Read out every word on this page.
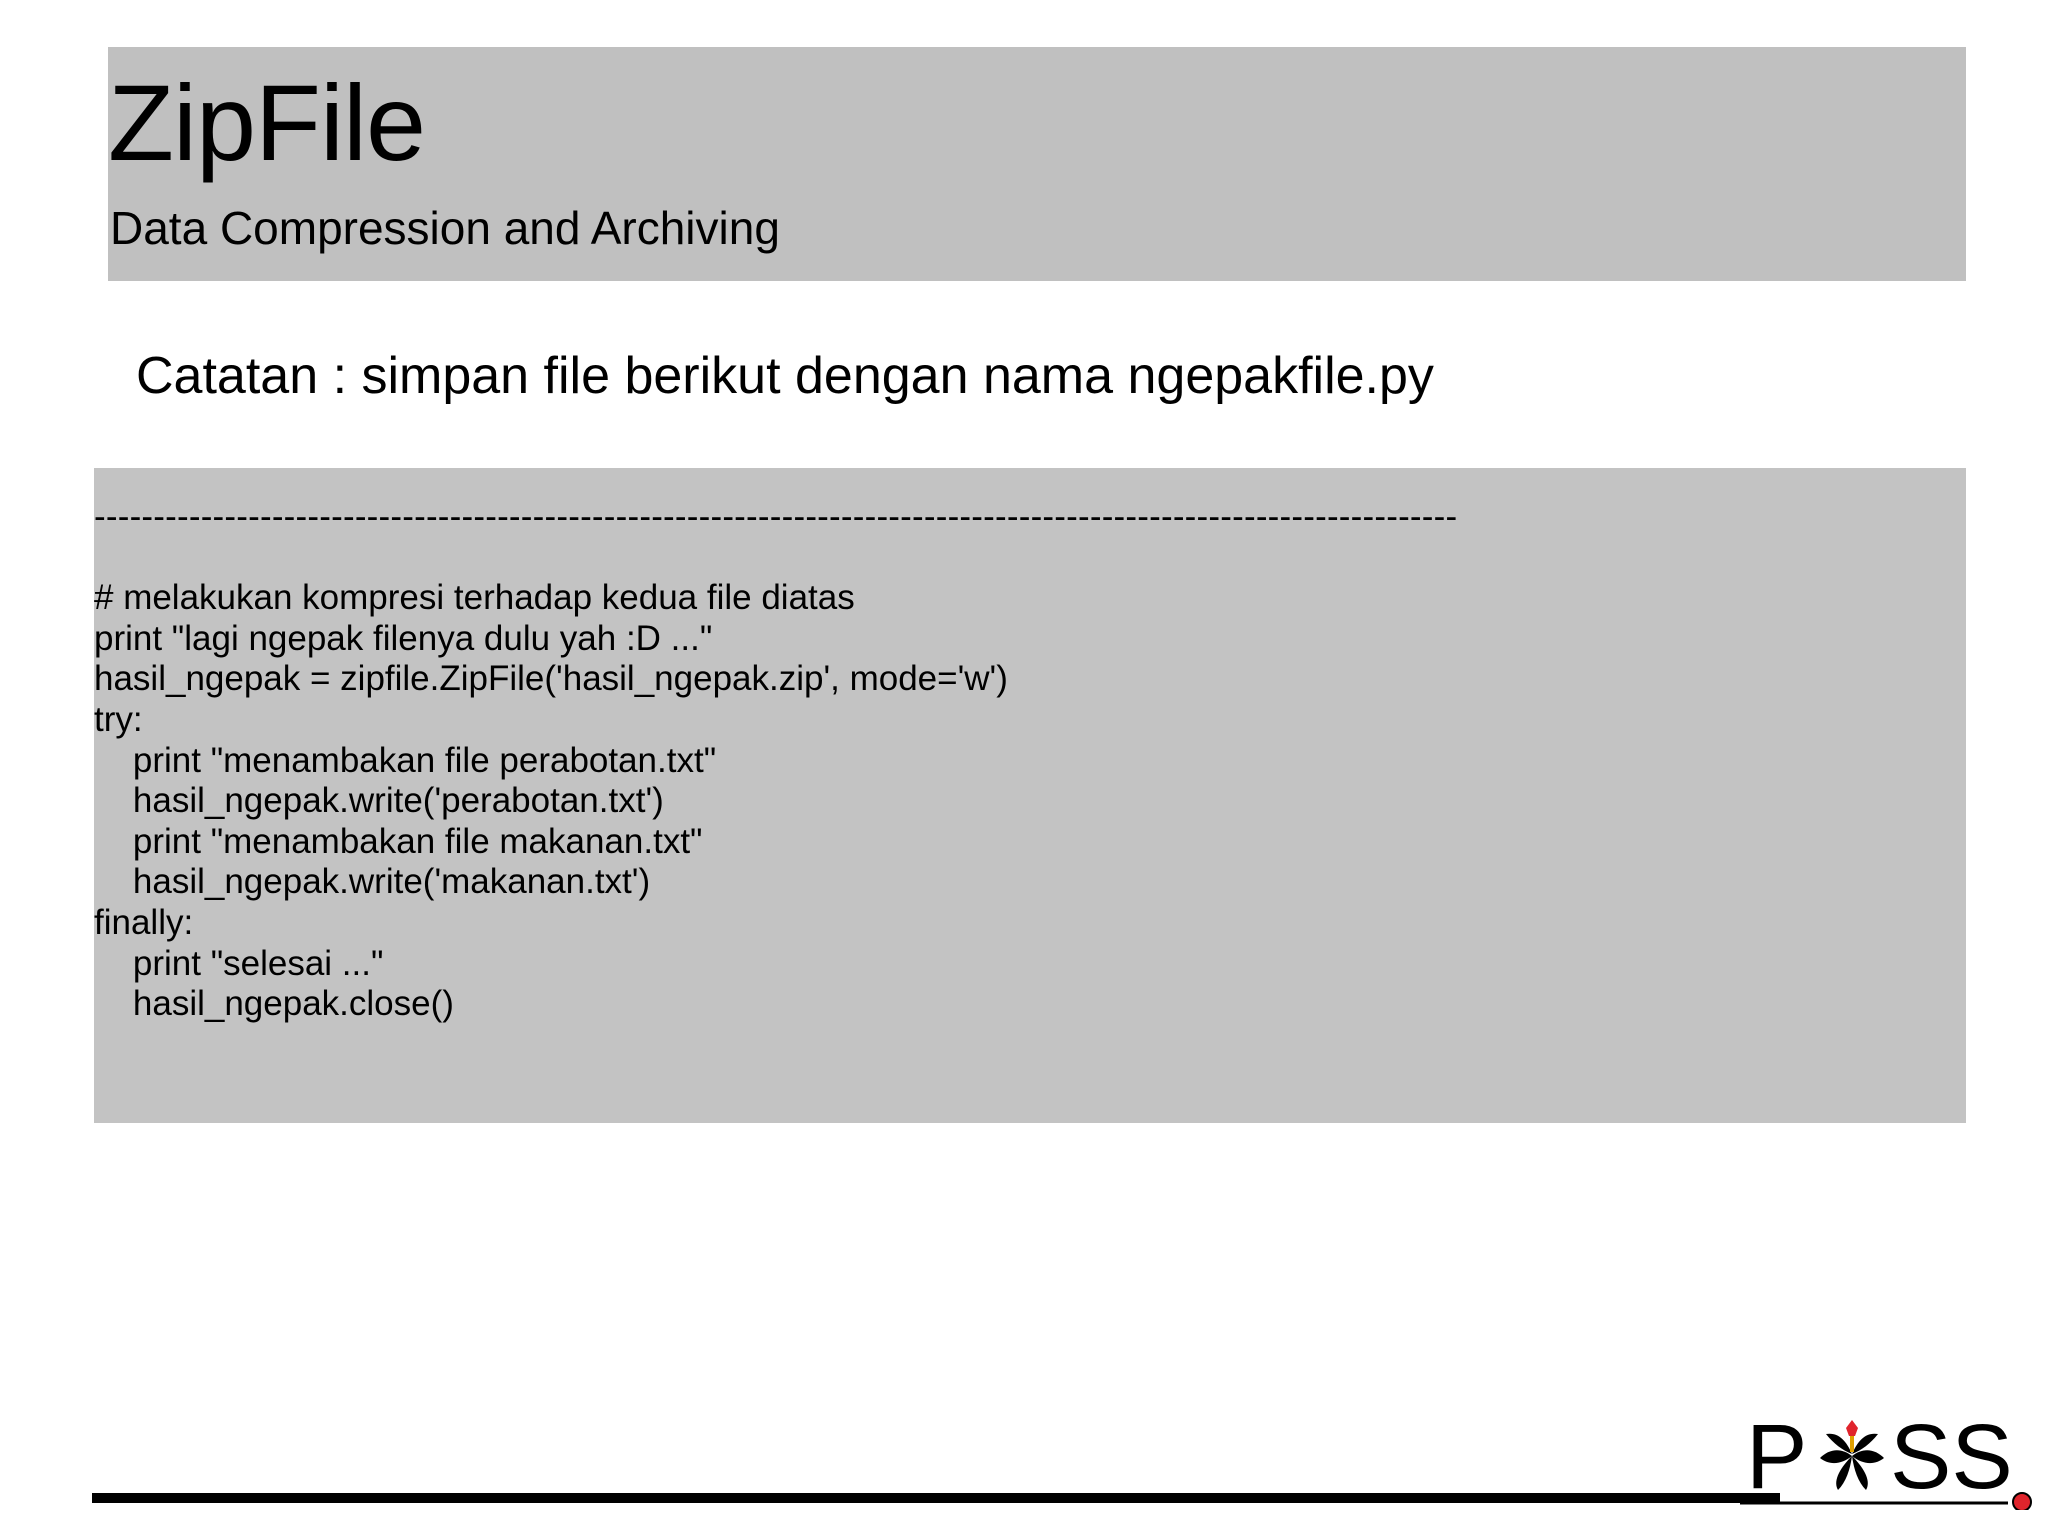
ZipFile
Data Compression and Archiving
Catatan : simpan file berikut dengan nama ngepakfile.py
-------------------------------------------------------------------------------------------------------------------
# melakukan kompresi terhadap kedua file diatas
print "lagi ngepak filenya dulu yah :D ..."
hasil_ngepak = zipfile.ZipFile('hasil_ngepak.zip', mode='w')
try:
print "menambakan file perabotan.txt"
hasil_ngepak.write('perabotan.txt')
print "menambakan file makanan.txt"
hasil_ngepak.write('makanan.txt')
finally:
print "selesai ..."
hasil_ngepak.close()
P SS
